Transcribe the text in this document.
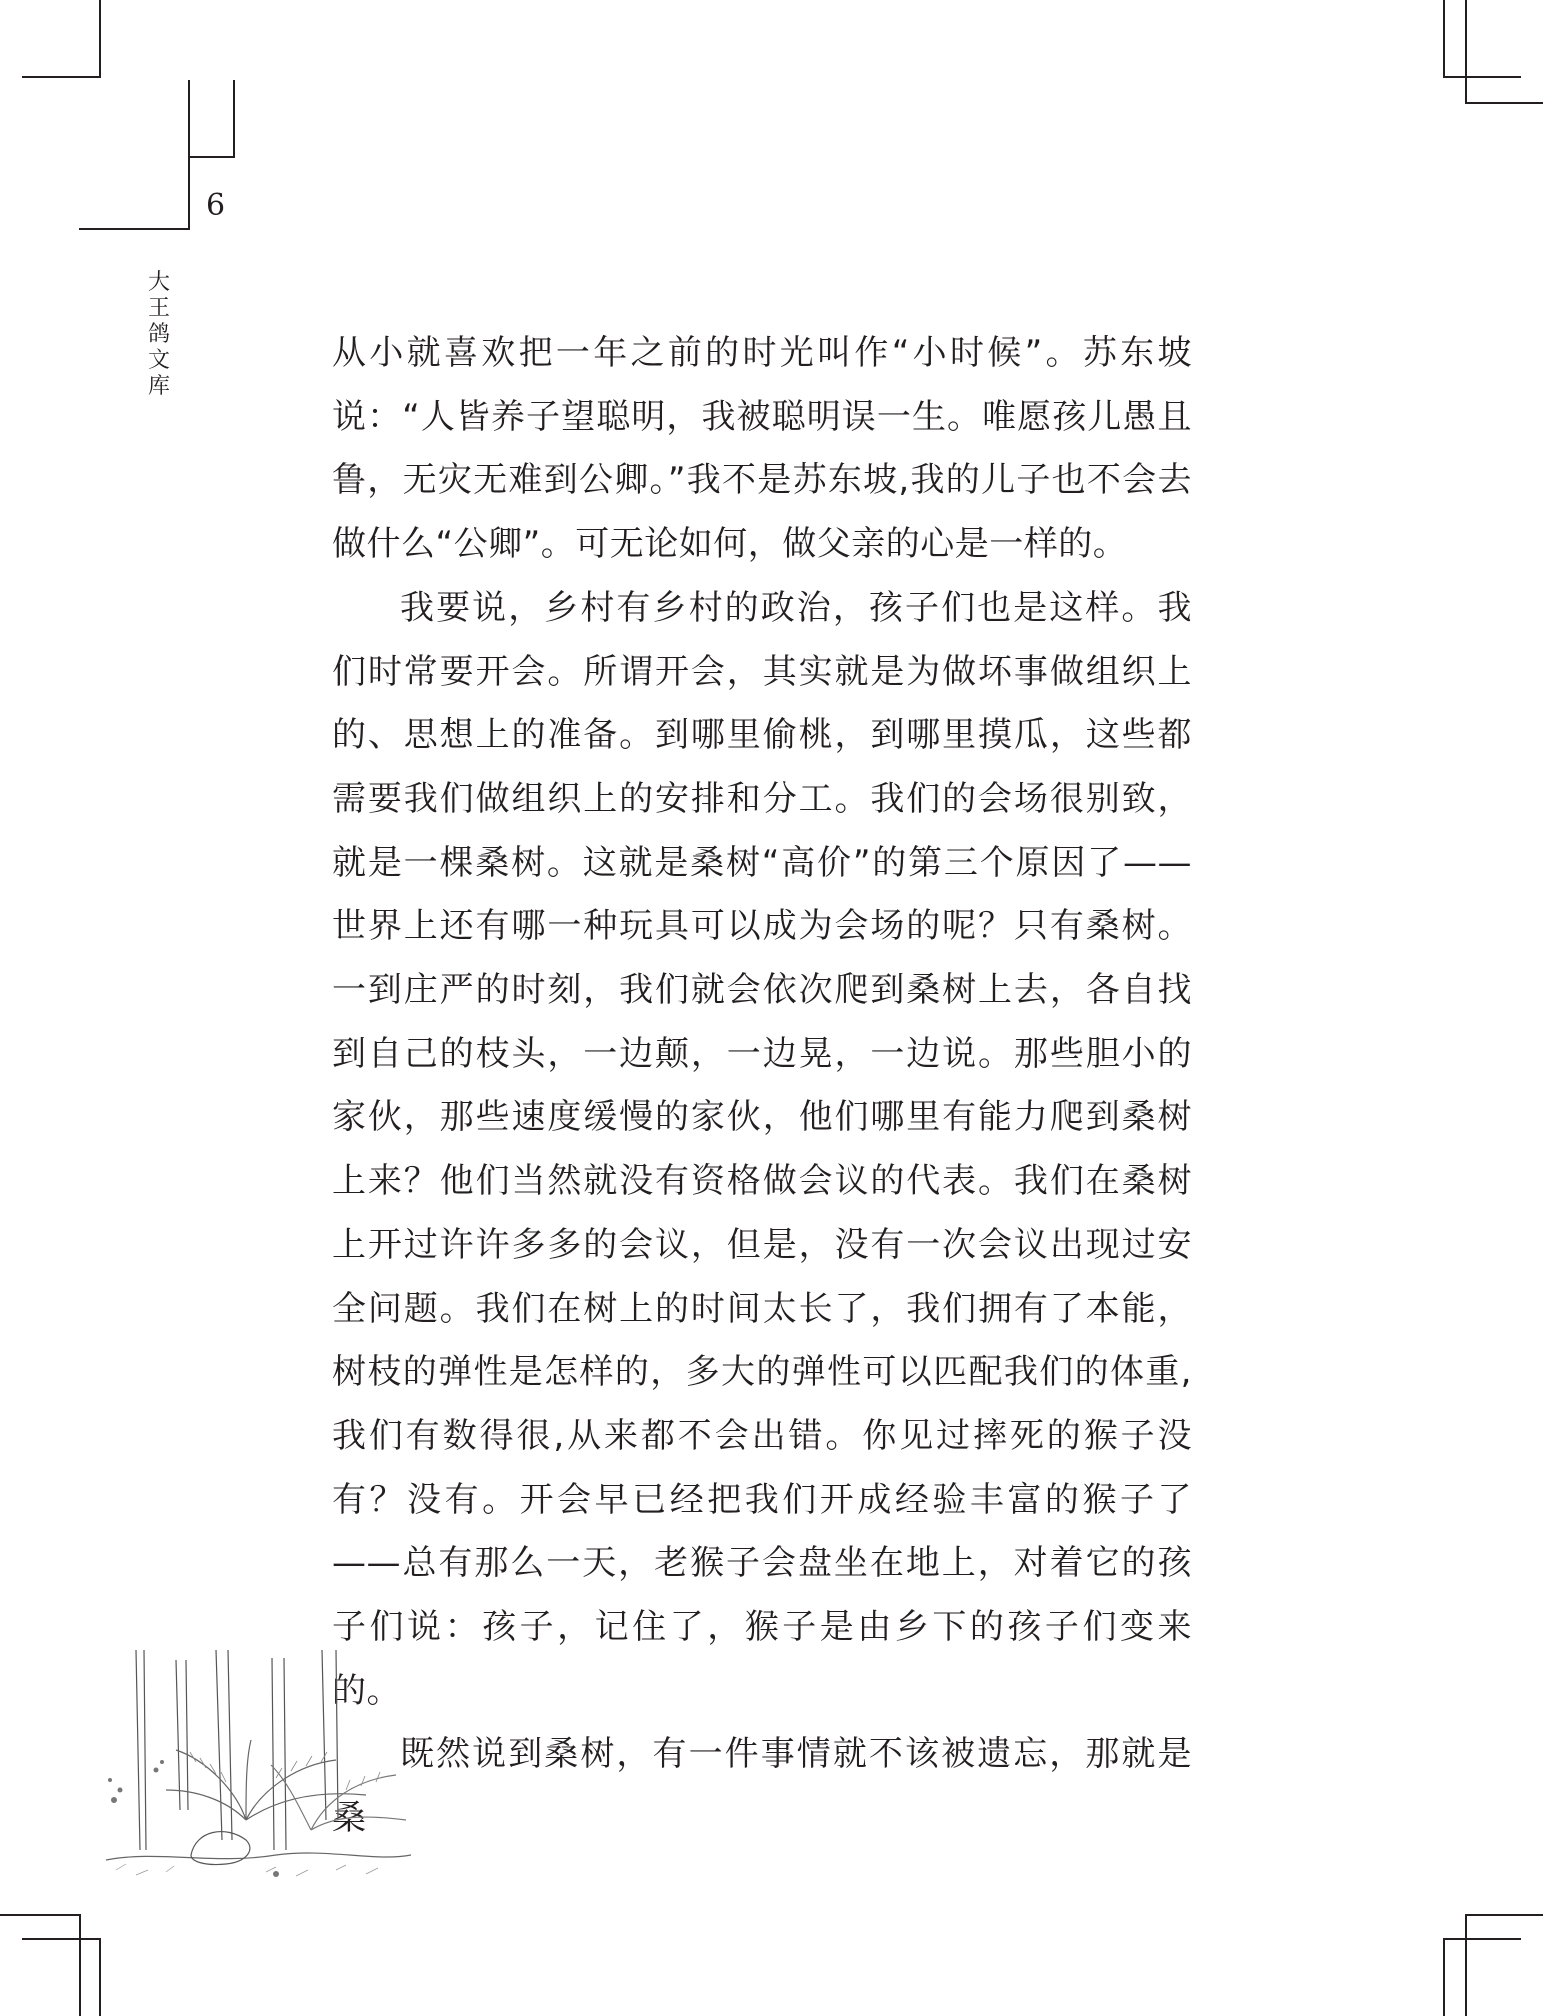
6
大
王
鸽
文
库

从小就喜欢把一年之前的时光叫作“小时候”。苏东坡说：“人皆养子望聪明，我被聪明误一生。唯愿孩儿愚且鲁，无灾无难到公卿。”我不是苏东坡,我的儿子也不会去做什么“公卿”。可无论如何，做父亲的心是一样的。

我要说，乡村有乡村的政治，孩子们也是这样。我们时常要开会。所谓开会，其实就是为做坏事做组织上的、思想上的准备。到哪里偷桃，到哪里摸瓜，这些都需要我们做组织上的安排和分工。我们的会场很别致，就是一棵桑树。这就是桑树“高价”的第三个原因了——世界上还有哪一种玩具可以成为会场的呢？只有桑树。一到庄严的时刻，我们就会依次爬到桑树上去，各自找到自己的枝头，一边颠，一边晃，一边说。那些胆小的家伙，那些速度缓慢的家伙，他们哪里有能力爬到桑树上来？他们当然就没有资格做会议的代表。我们在桑树上开过许许多多的会议，但是，没有一次会议出现过安全问题。我们在树上的时间太长了，我们拥有了本能，树枝的弹性是怎样的，多大的弹性可以匹配我们的体重,我们有数得很,从来都不会出错。你见过摔死的猴子没有？没有。开会早已经把我们开成经验丰富的猴子了——总有那么一天，老猴子会盘坐在地上，对着它的孩子们说：孩子，记住了，猴子是由乡下的孩子们变来的。

既然说到桑树，有一件事情就不该被遗忘，那就是桑
